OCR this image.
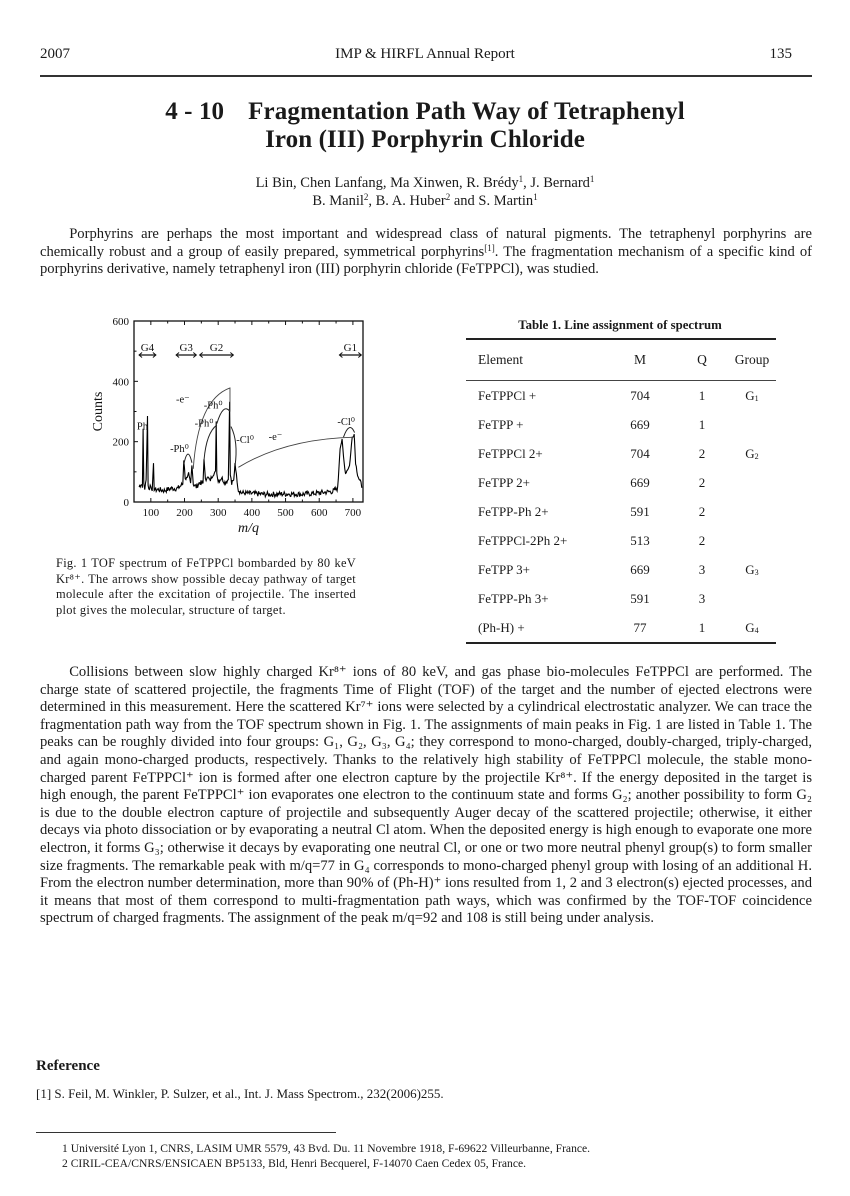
2007	IMP & HIRFL Annual Report	135
4 - 10 Fragmentation Path Way of Tetraphenyl
Iron (III) Porphyrin Chloride
Li Bin, Chen Lanfang, Ma Xinwen, R. Brédy$^1$, J. Bernard$^1$
B. Manil$^2$, B. A. Huber$^2$ and S. Martin$^1$

Porphyrins are perhaps the most important and widespread class of natural pigments. The tetraphenyl porphyrins are chemically robust and a group of easily prepared, symmetrical porphyrins[1]. The fragmentation mechanism of a specific kind of porphyrins derivative, namely tetraphenyl iron (III) porphyrin chloride (FeTPPCl), was studied.

100 200 300 400 500 600 700
0
200
400
600
m/q
Counts
G4 G3 G2	G1
Ph
-e⁻
-Ph⁰
-Ph⁰
-Ph⁰
-Cl⁰ -e⁻
-Cl⁰
Fig. 1 TOF spectrum of FeTPPCl bombarded by 80 keV Kr⁸⁺. The arrows show possible decay pathway of target molecule after the excitation of projectile. The inserted plot gives the molecular, structure of target.
Table 1. Line assignment of spectrum
Element	M	Q	Group
FeTPPCl +	704	1	$G_1$
FeTPP +	669	1	
FeTPPCl 2+	704	2	$G_2$
FeTPP 2+	669	2	
FeTPP-Ph 2+	591	2	
FeTPPCl-2Ph 2+	513	2	
FeTPP 3+	669	3	$G_3$
FeTPP-Ph 3+	591	3	
(Ph-H) +	77	1	$G_4$

Collisions between slow highly charged Kr⁸⁺ ions of 80 keV, and gas phase bio-molecules FeTPPCl are performed. The charge state of scattered projectile, the fragments Time of Flight (TOF) of the target and the number of ejected electrons were determined in this measurement. Here the scattered Kr⁷⁺ ions were selected by a cylindrical electrostatic analyzer. We can trace the fragmentation path way from the TOF spectrum shown in Fig. 1. The assignments of main peaks in Fig. 1 are listed in Table 1. The peaks can be roughly divided into four groups: G₁, G₂, G₃, G₄; they correspond to mono-charged, doubly-charged, triply-charged, and again mono-charged products, respectively. Thanks to the relatively high stability of FeTPPCl molecule, the stable mono-charged parent FeTPPCl⁺ ion is formed after one electron capture by the projectile Kr⁸⁺. If the energy deposited in the target is high enough, the parent FeTPPCl⁺ ion evaporates one electron to the continuum state and forms G₂; another possibility to form G₂ is due to the double electron capture of projectile and subsequently Auger decay of the scattered projectile; otherwise, it either decays via photo dissociation or by evaporating a neutral Cl atom. When the deposited energy is high enough to evaporate one more electron, it forms G₃; otherwise it decays by evaporating one neutral Cl, or one or two more neutral phenyl group(s) to form smaller size fragments. The remarkable peak with m/q=77 in G₄ corresponds to mono-charged phenyl group with losing of an additional H. From the electron number determination, more than 90% of (Ph-H)⁺ ions resulted from 1, 2 and 3 electron(s) ejected processes, and it means that most of them correspond to multi-fragmentation path ways, which was confirmed by the TOF-TOF coincidence spectrum of charged fragments. The assignment of the peak m/q=92 and 108 is still being under analysis.

Reference
[1] S. Feil, M. Winkler, P. Sulzer, et al., Int. J. Mass Spectrom., 232(2006)255.
1 Université Lyon 1, CNRS, LASIM UMR 5579, 43 Bvd. Du. 11 Novembre 1918, F-69622 Villeurbanne, France.
2 CIRIL-CEA/CNRS/ENSICAEN BP5133, Bld, Henri Becquerel, F-14070 Caen Cedex 05, France.
